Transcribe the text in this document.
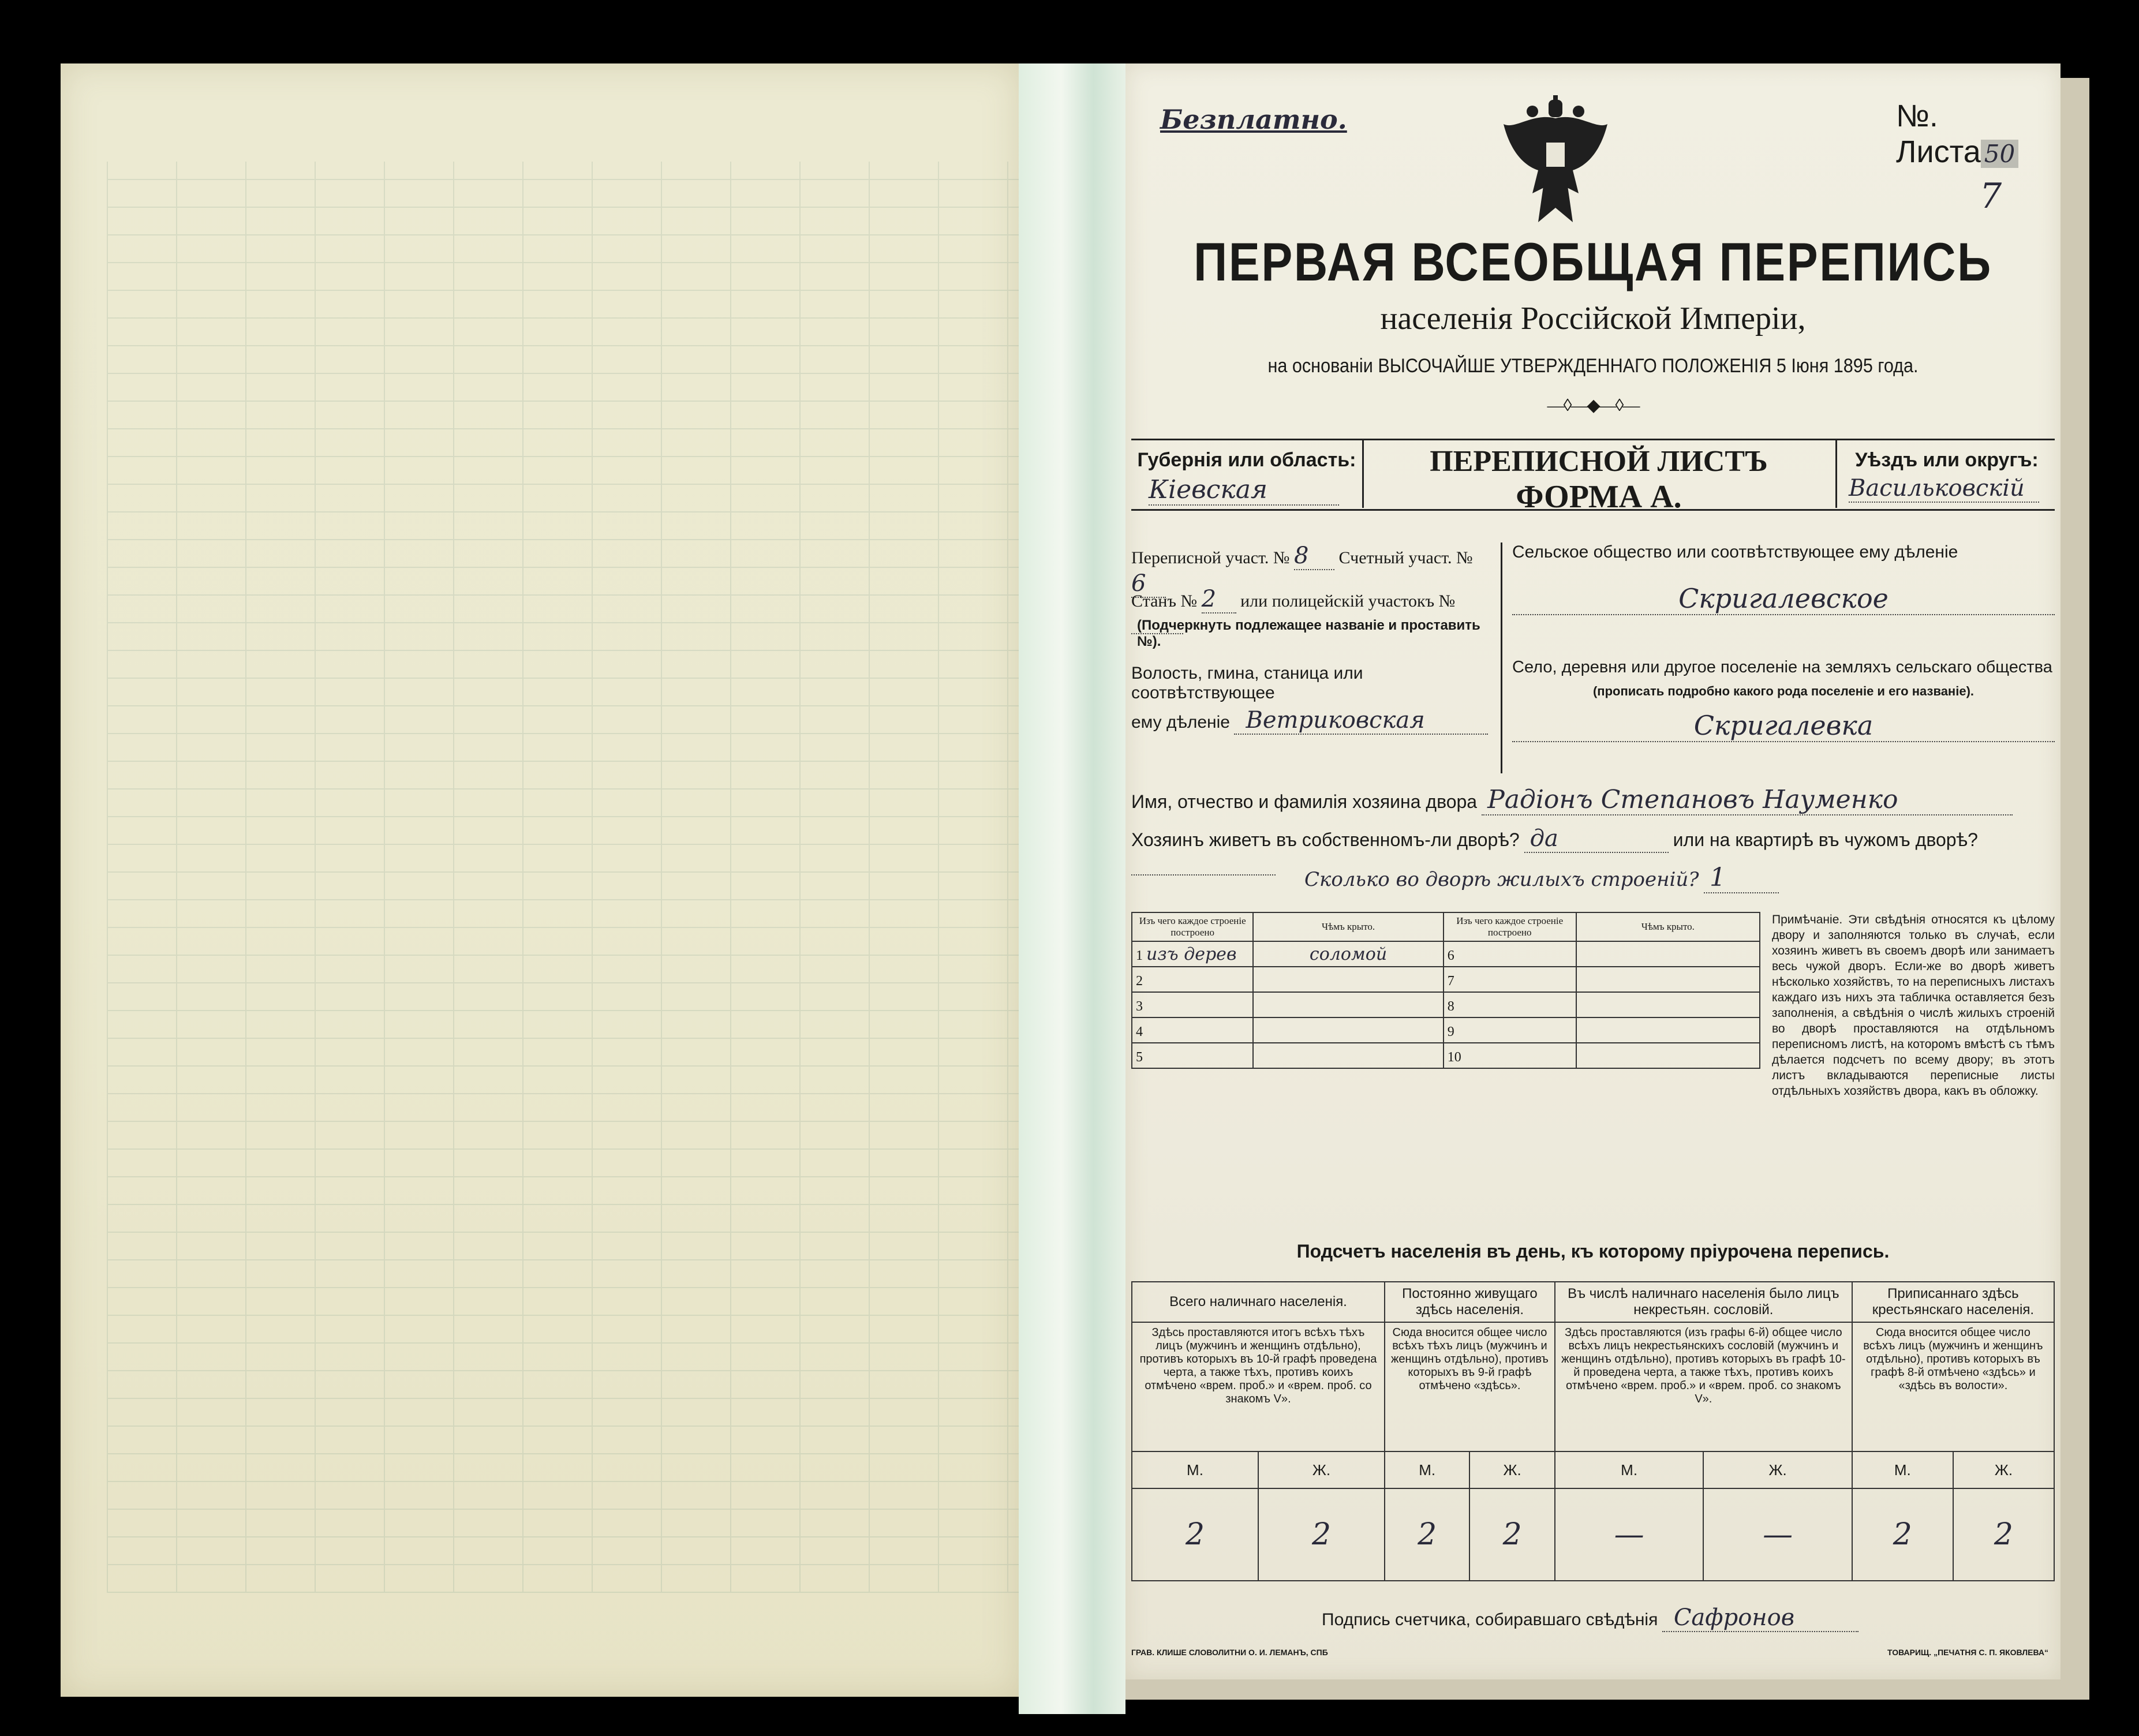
Безплатно.	№. Листа 50
7
ПЕРВАЯ ВСЕОБЩАЯ ПЕРЕПИСЬ
населенія Россійской Имперіи,
на основаніи ВЫСОЧАЙШЕ УТВЕРЖДЕННАГО ПОЛОЖЕНІЯ 5 Іюня 1895 года.
—◊—◆—◊—
Губернія или область:
Кіевская
ПЕРЕПИСНОЙ ЛИСТЪ
ФОРМА А.
Уѣздъ или округъ:
Васильковскій
Переписной участ. № 8 Счетный участ. № 6
Станъ № 2 или полицейскій участокъ №
(Подчеркнуть подлежащее названіе и проставить №).
Волость, гмина, станица или соотвѣтствующее
ему дѣленіе Ветриковская
Сельское общество или соотвѣтствующее ему дѣленіе
Скригалевское
Село, деревня или другое поселеніе на земляхъ сельскаго общества
(прописать подробно какого рода поселеніе и его названіе).
Скригалевка
Имя, отчество и фамилія хозяина двора Радіонъ Степановъ Науменко
Хозяинъ живетъ въ собственномъ-ли дворѣ? да	или на квартирѣ въ чужомъ дворѣ?
Сколько во дворѣ жилыхъ строеній? 1
Изъ чего каждое строеніе построено	Чѣмъ крыто.	Изъ чего каждое строеніе построено	Чѣмъ крыто.
1 изъ дерев	соломой	6	
2		7	
3		8	
4		9	
5		10	
Примѣчаніе. Эти свѣдѣнія относятся къ цѣлому двору и заполняются только въ случаѣ, если хозяинъ живетъ въ своемъ дворѣ или занимаетъ весь чужой дворъ. Если-же во дворѣ живетъ нѣсколько хозяйствъ, то на переписныхъ листахъ каждаго изъ нихъ эта табличка оставляется безъ заполненія, а свѣдѣнія о числѣ жилыхъ строеній во дворѣ проставляются на отдѣльномъ переписномъ листѣ, на которомъ вмѣстѣ съ тѣмъ дѣлается подсчетъ по всему двору; въ этотъ листъ вкладываются переписные листы отдѣльныхъ хозяйствъ двора, какъ въ обложку.
Подсчетъ населенія въ день, къ которому пріурочена перепись.
Всего наличнаго населенія.		Постоянно живущаго здѣсь населенія.		Въ числѣ наличнаго населенія было лицъ некрестьян. сословій.		Приписаннаго здѣсь крестьянскаго населенія.	
Здѣсь проставляются итогъ всѣхъ тѣхъ лицъ (мужчинъ и женщинъ отдѣльно), противъ которыхъ въ 10-й графѣ проведена черта, а также тѣхъ, противъ коихъ отмѣчено «врем. проб.» и «врем. проб. со знакомъ V».		Сюда вносится общее число всѣхъ тѣхъ лицъ (мужчинъ и женщинъ отдѣльно), противъ которыхъ въ 9-й графѣ отмѣчено «здѣсь».		Здѣсь проставляются (изъ графы 6-й) общее число всѣхъ лицъ некрестьянскихъ сословій (мужчинъ и женщинъ отдѣльно), противъ которыхъ въ графѣ 10-й проведена черта, а также тѣхъ, противъ коихъ отмѣчено «врем. проб.» и «врем. проб. со знакомъ V».		Сюда вносится общее число всѣхъ лицъ (мужчинъ и женщинъ отдѣльно), противъ которыхъ въ графѣ 8-й отмѣчено «здѣсь» и «здѣсь въ волости».	
М.	Ж.	М.	Ж.	М.	Ж.	М.	Ж.
2	2	2	2	—	—	2	2
Подпись счетчика, собиравшаго свѣдѣнія Сафронов
ГРАВ. КЛИШЕ СЛОВОЛИТНИ О. И. ЛЕМАНЪ, СПБ	ТОВАРИЩ. „ПЕЧАТНЯ С. П. ЯКОВЛЕВА“
